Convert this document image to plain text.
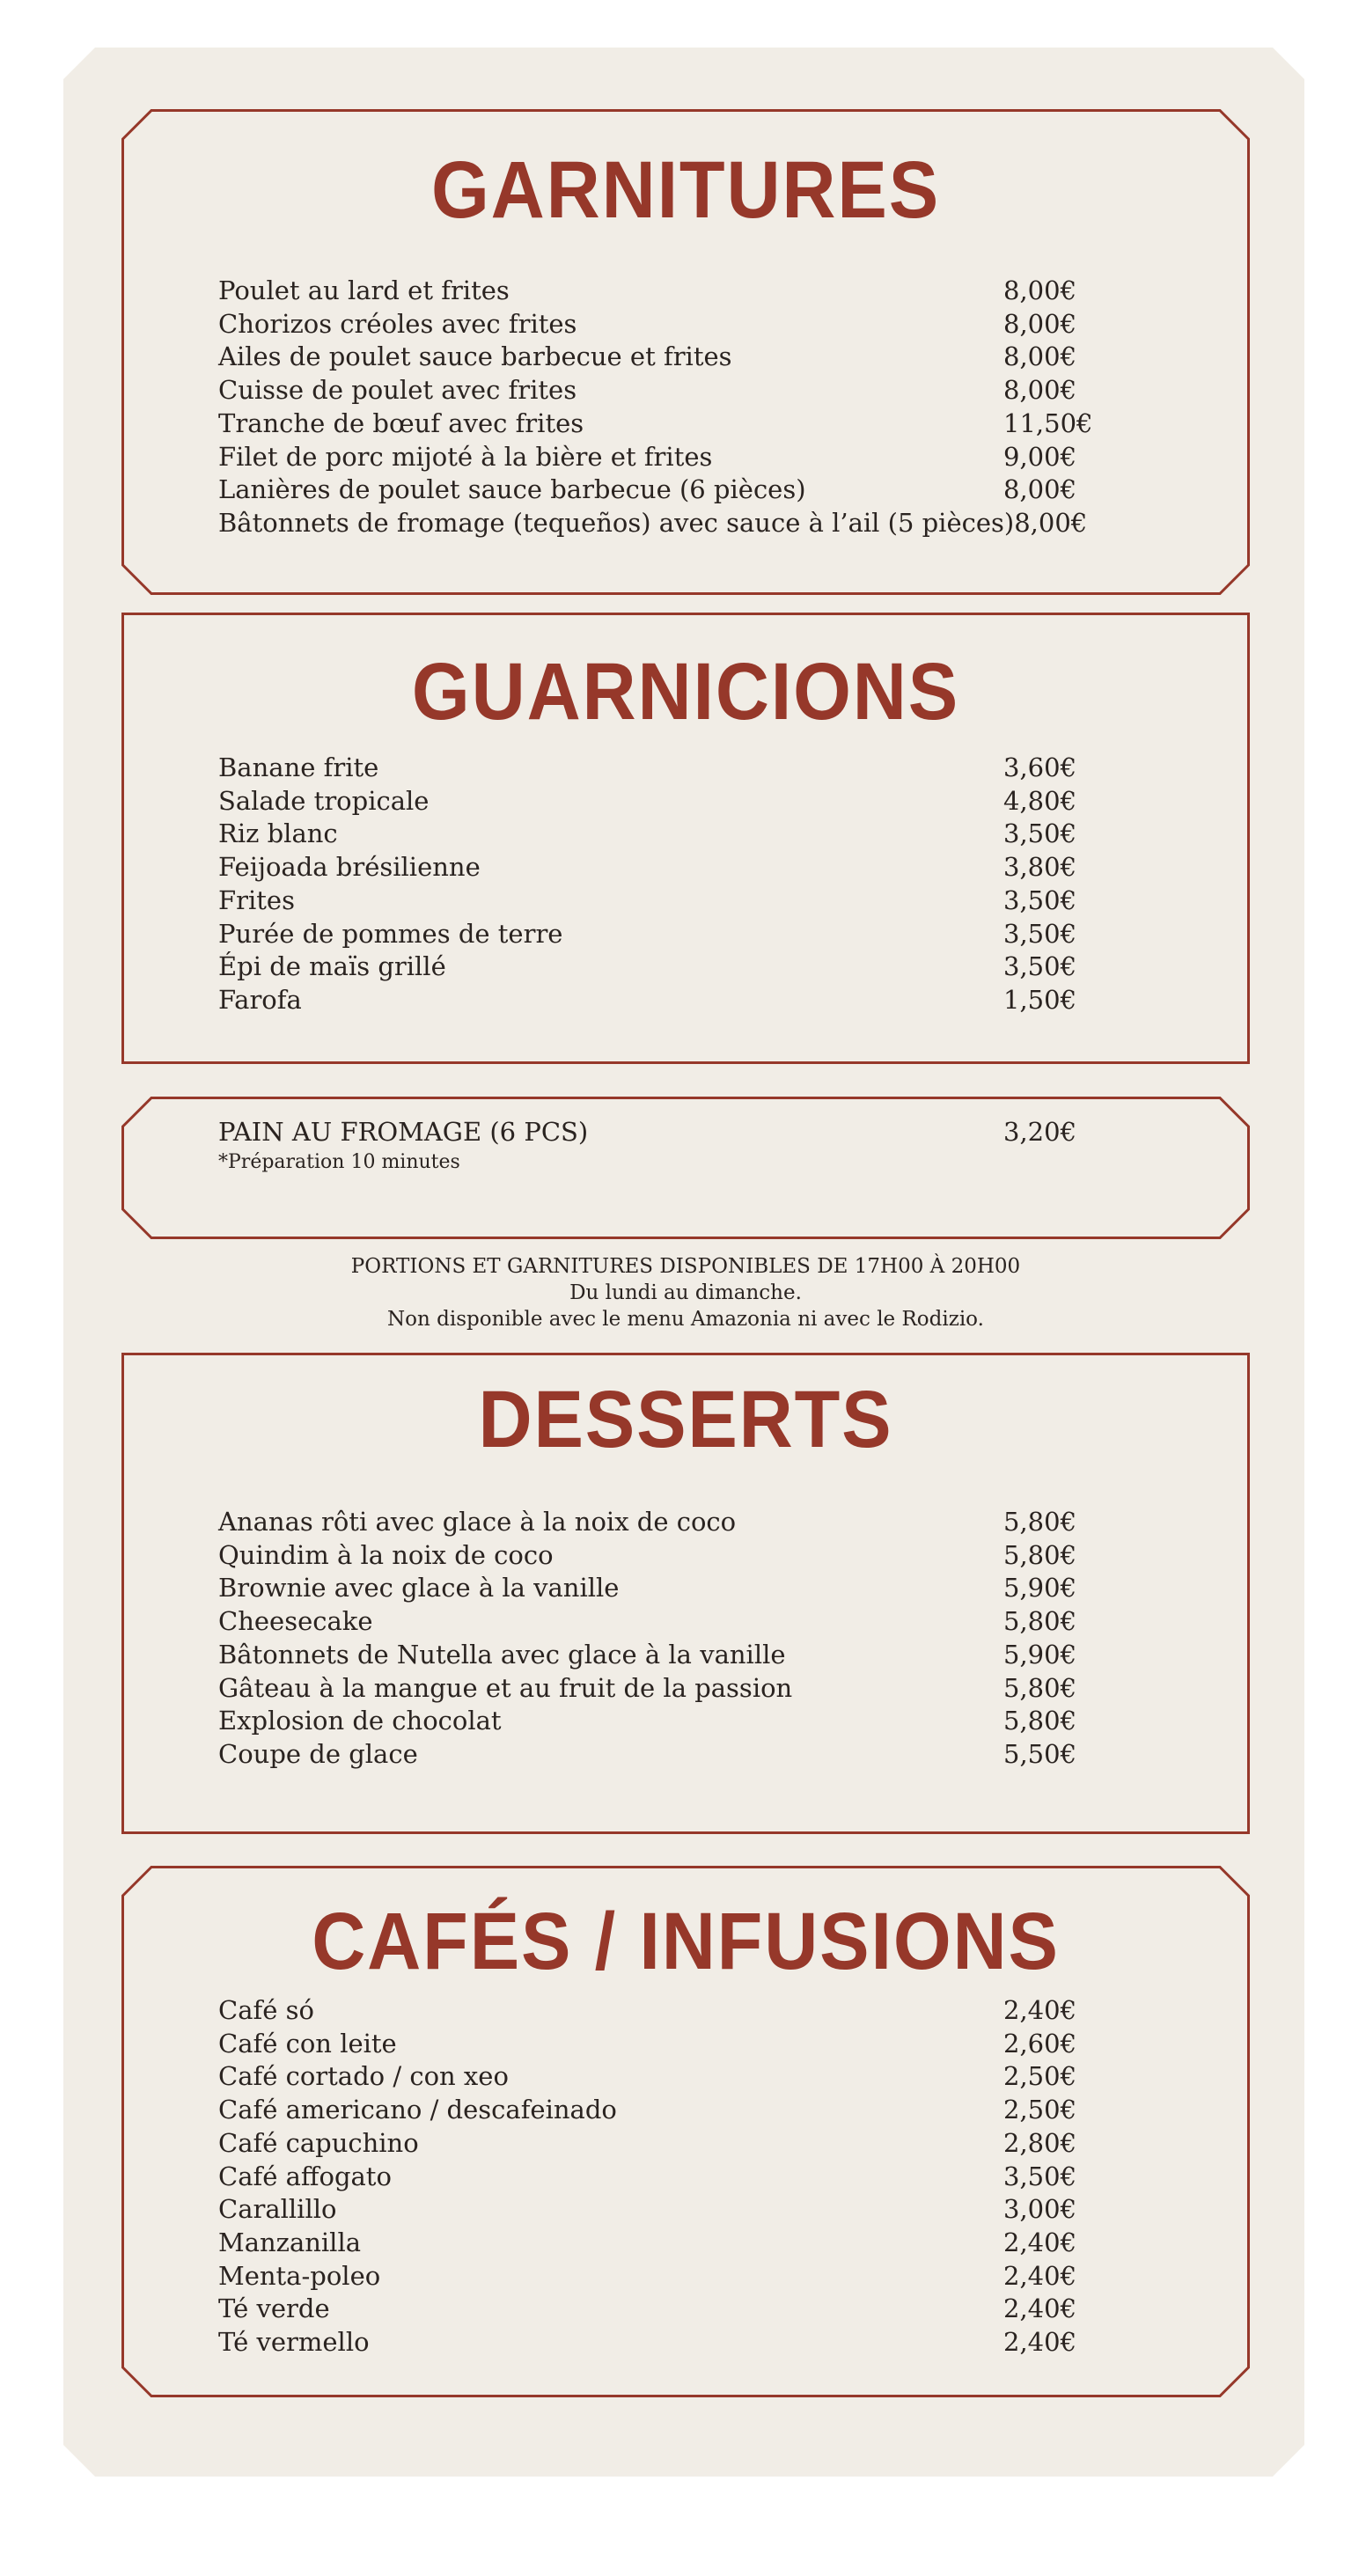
GARNITURES
Poulet au lard et frites	8,00€
Chorizos créoles avec frites	8,00€
Ailes de poulet sauce barbecue et frites	8,00€
Cuisse de poulet avec frites	8,00€
Tranche de bœuf avec frites	11,50€
Filet de porc mijoté à la bière et frites	9,00€
Lanières de poulet sauce barbecue (6 pièces)	8,00€
Bâtonnets de fromage (tequeños) avec sauce à l’ail (5 pièces) 8,00€
GUARNICIONS
Banane frite	3,60€
Salade tropicale	4,80€
Riz blanc	3,50€
Feijoada brésilienne	3,80€
Frites	3,50€
Purée de pommes de terre	3,50€
Épi de maïs grillé	3,50€
Farofa	1,50€
PAIN AU FROMAGE (6 PCS)	3,20€
*Préparation 10 minutes
PORTIONS ET GARNITURES DISPONIBLES DE 17H00 À 20H00
Du lundi au dimanche.
Non disponible avec le menu Amazonia ni avec le Rodizio.
DESSERTS
Ananas rôti avec glace à la noix de coco	5,80€
Quindim à la noix de coco	5,80€
Brownie avec glace à la vanille	5,90€
Cheesecake	5,80€
Bâtonnets de Nutella avec glace à la vanille	5,90€
Gâteau à la mangue et au fruit de la passion	5,80€
Explosion de chocolat	5,80€
Coupe de glace	5,50€
CAFÉS / INFUSIONS
Café só	2,40€
Café con leite	2,60€
Café cortado / con xeo	2,50€
Café americano / descafeinado	2,50€
Café capuchino	2,80€
Café affogato	3,50€
Carallillo	3,00€
Manzanilla	2,40€
Menta-poleo	2,40€
Té verde	2,40€
Té vermello	2,40€
